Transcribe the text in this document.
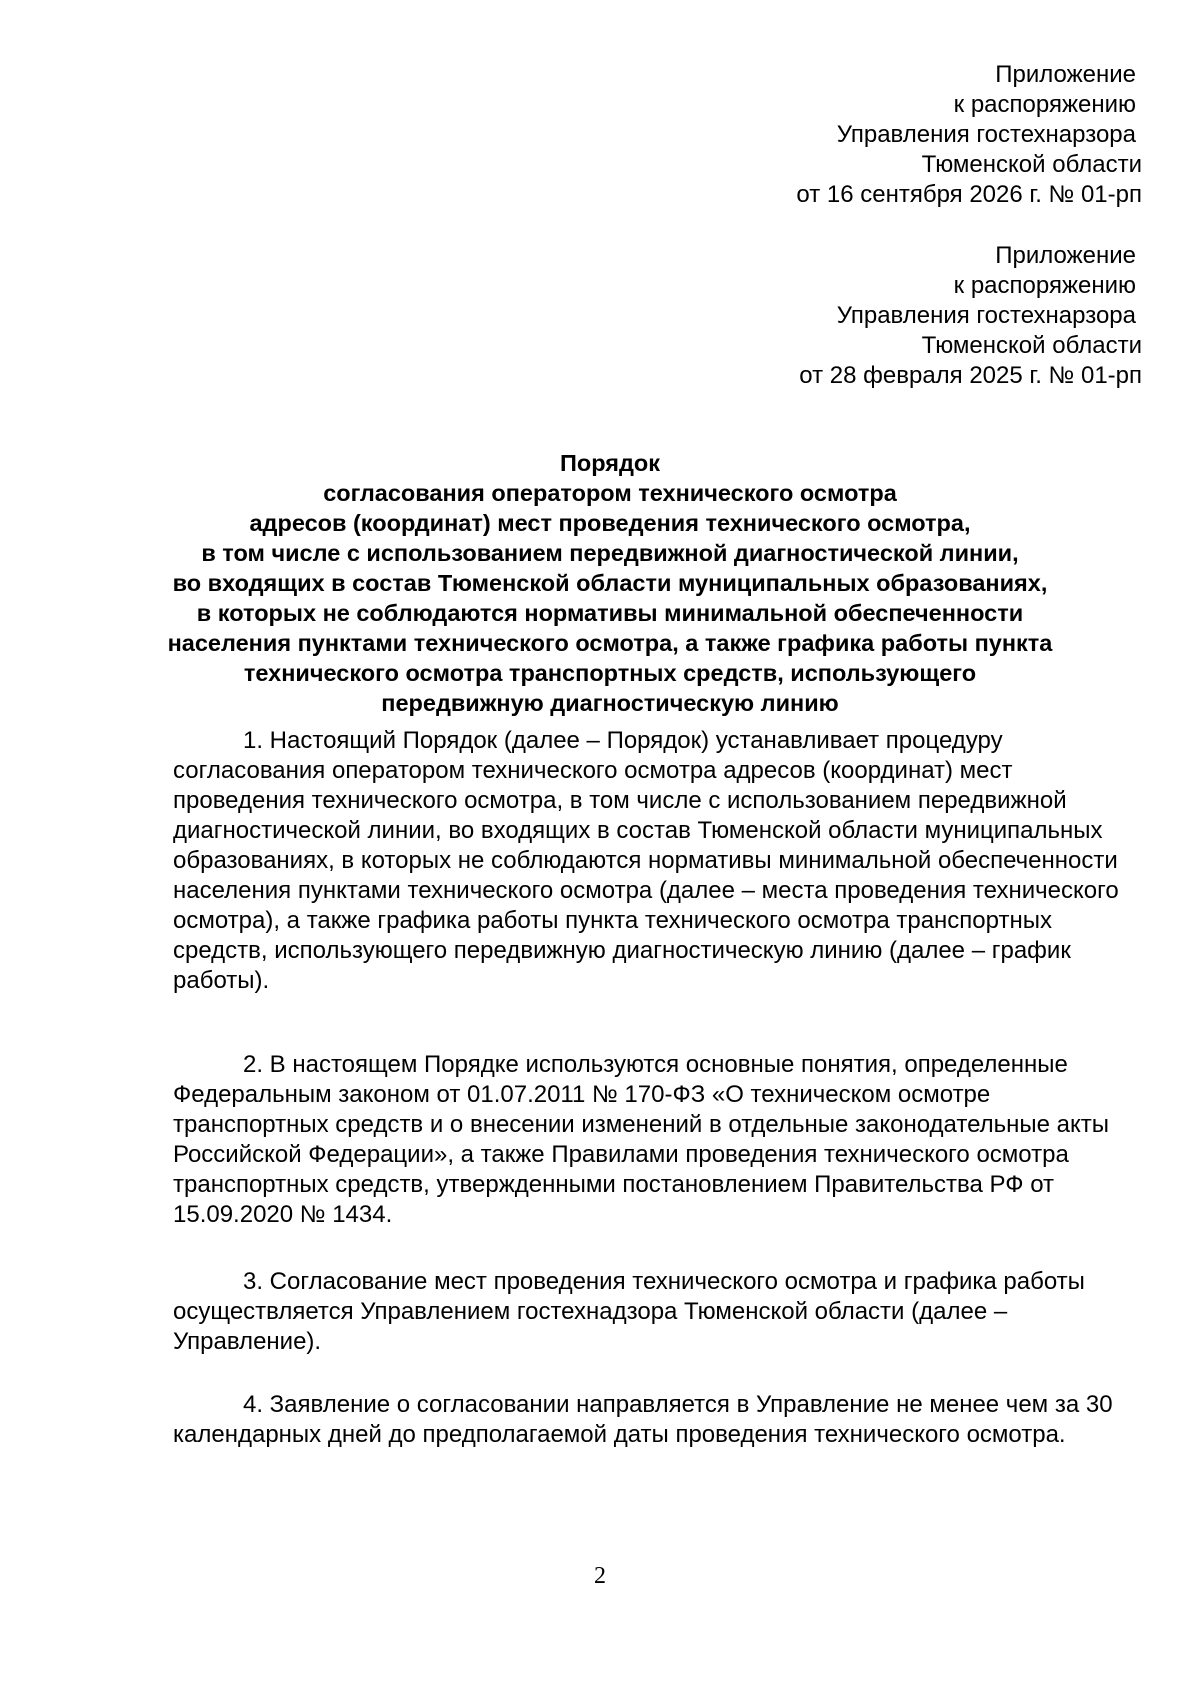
Приложение
к распоряжению
Управления гостехнарзора
Тюменской области
от 16 сентября 2026 г. № 01-рп
Приложение
к распоряжению
Управления гостехнарзора
Тюменской области
от 28 февраля 2025 г. № 01-рп
Порядок
согласования оператором технического осмотра
адресов (координат) мест проведения технического осмотра,
в том числе с использованием передвижной диагностической линии,
во входящих в состав Тюменской области муниципальных образованиях,
в которых не соблюдаются нормативы минимальной обеспеченности
населения пунктами технического осмотра, а также графика работы пункта
технического осмотра транспортных средств, использующего
передвижную диагностическую линию
1. Настоящий Порядок (далее – Порядок) устанавливает процедуру согласования оператором технического осмотра адресов (координат) мест проведения технического осмотра, в том числе с использованием передвижной диагностической линии, во входящих в состав Тюменской области муниципальных образованиях, в которых не соблюдаются нормативы минимальной обеспеченности населения пунктами технического осмотра (далее – места проведения технического осмотра), а также графика работы пункта технического осмотра транспортных средств, использующего передвижную диагностическую линию (далее – график работы).
2. В настоящем Порядке используются основные понятия, определенные Федеральным законом от 01.07.2011 № 170-ФЗ «О техническом осмотре транспортных средств и о внесении изменений в отдельные законодательные акты Российской Федерации», а также Правилами проведения технического осмотра транспортных средств, утвержденными постановлением Правительства РФ от 15.09.2020 № 1434.
3. Согласование мест проведения технического осмотра и графика работы осуществляется Управлением гостехнадзора Тюменской области (далее – Управление).
4. Заявление о согласовании направляется в Управление не менее чем за 30 календарных дней до предполагаемой даты проведения технического осмотра.
2
